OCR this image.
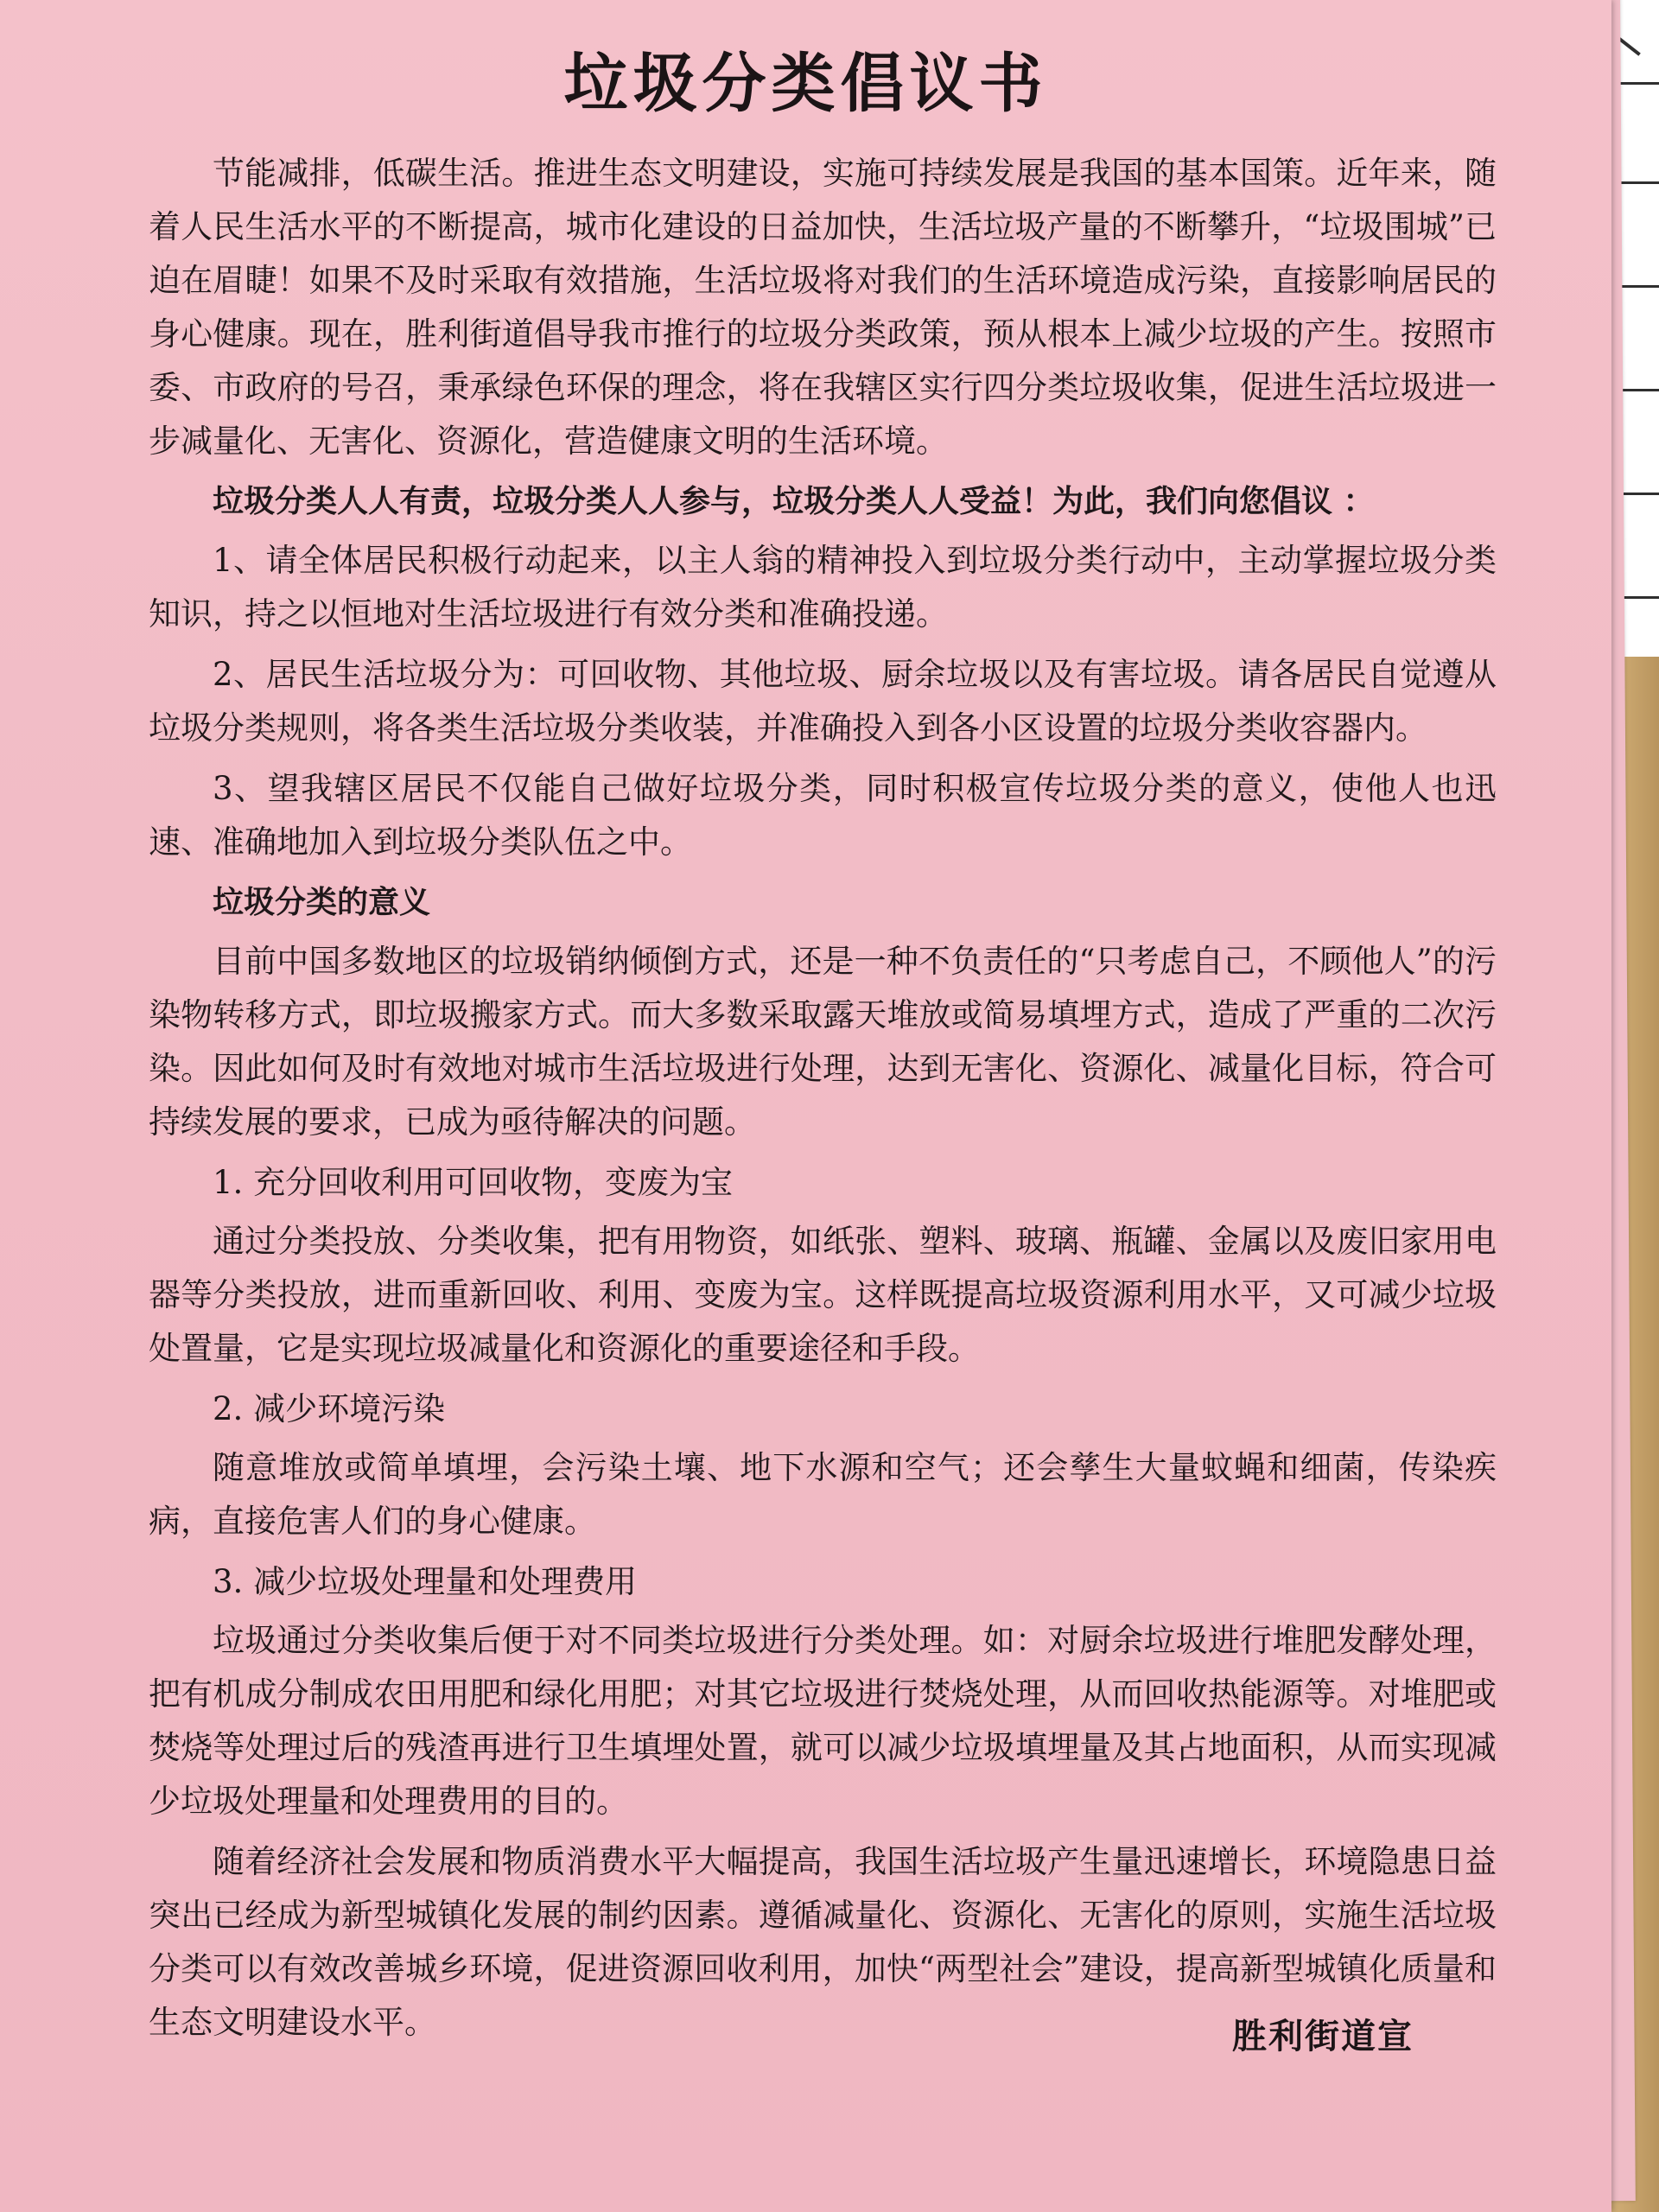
垃圾分类倡议书

节能减排，低碳生活。推进生态文明建设，实施可持续发展是我国的基本国策。近年来，随着人民生活水平的不断提高，城市化建设的日益加快，生活垃圾产量的不断攀升，“垃圾围城”已迫在眉睫！如果不及时采取有效措施，生活垃圾将对我们的生活环境造成污染，直接影响居民的身心健康。现在，胜利街道倡导我市推行的垃圾分类政策，预从根本上减少垃圾的产生。按照市委、市政府的号召，秉承绿色环保的理念，将在我辖区实行四分类垃圾收集，促进生活垃圾进一步减量化、无害化、资源化，营造健康文明的生活环境。

垃圾分类人人有责，垃圾分类人人参与，垃圾分类人人受益！为此，我们向您倡议 ：

1、请全体居民积极行动起来，以主人翁的精神投入到垃圾分类行动中，主动掌握垃圾分类知识，持之以恒地对生活垃圾进行有效分类和准确投递。

2、居民生活垃圾分为：可回收物、其他垃圾、厨余垃圾以及有害垃圾。请各居民自觉遵从垃圾分类规则，将各类生活垃圾分类收装，并准确投入到各小区设置的垃圾分类收容器内。

3、望我辖区居民不仅能自己做好垃圾分类，同时积极宣传垃圾分类的意义，使他人也迅速、准确地加入到垃圾分类队伍之中。

垃圾分类的意义

目前中国多数地区的垃圾销纳倾倒方式，还是一种不负责任的“只考虑自己，不顾他人”的污染物转移方式，即垃圾搬家方式。而大多数采取露天堆放或简易填埋方式，造成了严重的二次污染。因此如何及时有效地对城市生活垃圾进行处理，达到无害化、资源化、减量化目标，符合可持续发展的要求，已成为亟待解决的问题。

1. 充分回收利用可回收物，变废为宝

通过分类投放、分类收集，把有用物资，如纸张、塑料、玻璃、瓶罐、金属以及废旧家用电器等分类投放，进而重新回收、利用、变废为宝。这样既提高垃圾资源利用水平，又可减少垃圾处置量，它是实现垃圾减量化和资源化的重要途径和手段。

2. 减少环境污染

随意堆放或简单填埋，会污染土壤、地下水源和空气；还会孳生大量蚊蝇和细菌，传染疾病，直接危害人们的身心健康。

3. 减少垃圾处理量和处理费用

垃圾通过分类收集后便于对不同类垃圾进行分类处理。如：对厨余垃圾进行堆肥发酵处理，把有机成分制成农田用肥和绿化用肥；对其它垃圾进行焚烧处理，从而回收热能源等。对堆肥或焚烧等处理过后的残渣再进行卫生填埋处置，就可以减少垃圾填埋量及其占地面积，从而实现减少垃圾处理量和处理费用的目的。

随着经济社会发展和物质消费水平大幅提高，我国生活垃圾产生量迅速增长，环境隐患日益突出已经成为新型城镇化发展的制约因素。遵循减量化、资源化、无害化的原则，实施生活垃圾分类可以有效改善城乡环境，促进资源回收利用，加快“两型社会”建设，提高新型城镇化质量和生态文明建设水平。	胜利街道宣
